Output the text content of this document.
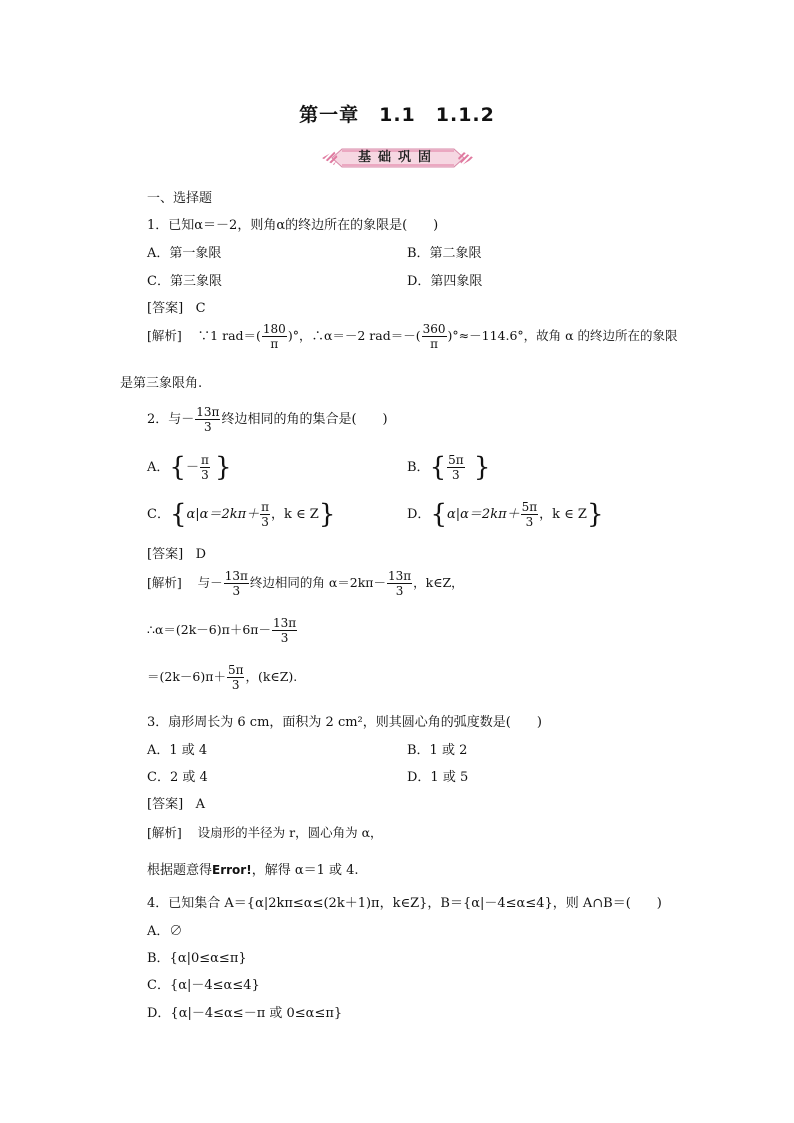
第一章　1.1　1.1.2
基础巩固
一、选择题
1．已知α＝－2，则角α的终边所在的象限是(　　)
A．第一象限	B．第二象限
C．第三象限	D．第四象限
[答案] C
[解析] ∵1 $rad=( \frac{180}{\pi}$ )°，∴α＝－2 $rad=-( \frac{360}{\pi} )^\circ\approx-114.6^\circ$，故角 α 的终边所在的象限
是第三象限角.
2．与－ $\frac{13\pi}{3}$ 终边相同的角的集合是(　　)
A．{－ $\frac{\pi}{3}$ }	B．{ $\frac{5\pi}{3}$ }
C．{$\alpha|\alpha=2k\pi+ \frac{\pi}{3}$ ，k ∈ Z}	D．{$\alpha|\alpha=2k\pi+ \frac{5\pi}{3}$ ，k ∈ Z}
[答案] D
[解析] 与－ $\frac{13\pi}{3}$ 终边相同的角 $\alpha=2k\pi- \frac{13\pi}{3}$ ，k∈Z，
∴α＝(2k－6)π＋6π－ $\frac{13\pi}{3}$
$=(2k-6)\pi+ \frac{5\pi}{3}$ ，(k∈Z).
3．扇形周长为 6 cm，面积为 2 cm²，则其圆心角的弧度数是(　　)
A．1 或 4	B．1 或 2
C．2 或 4	D．1 或 5
[答案] A
[解析] 设扇形的半径为 r，圆心角为 α，
根据题意得Error!，解得 α＝1 或 4.
4．已知集合 A＝{α|2kπ≤α≤(2k＋1)π，k∈Z}，B＝{α|－4≤α≤4}，则 A∩B＝(　　)
A．∅
B．{α|0≤α≤π}
C．{α|－4≤α≤4}
D．{α|－4≤α≤－π 或 0≤α≤π}
